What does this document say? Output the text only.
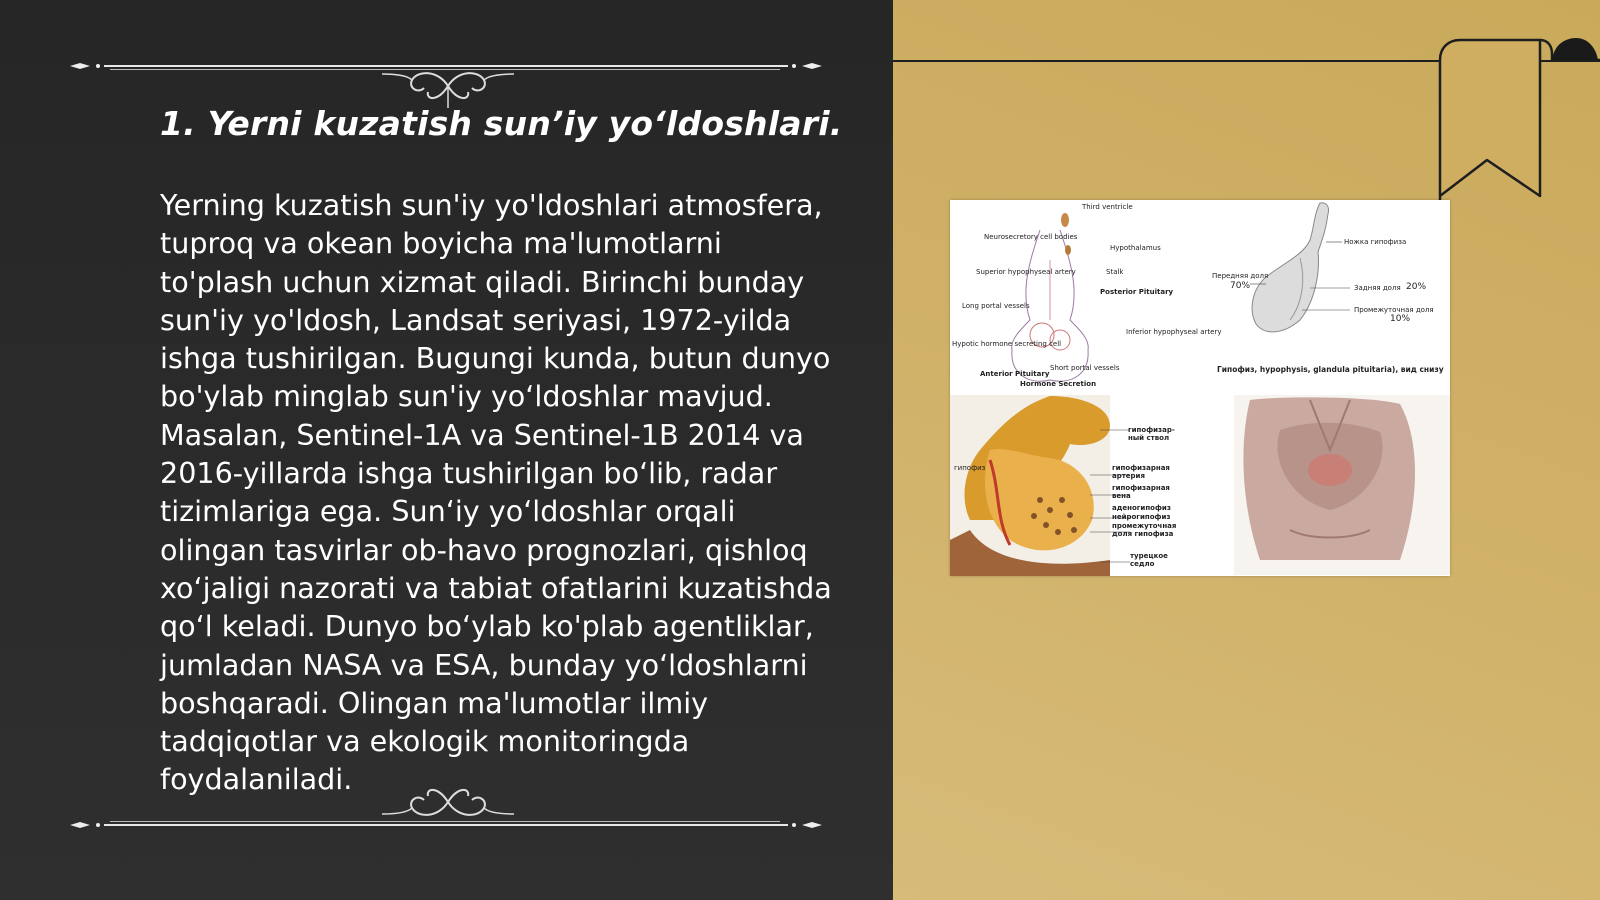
1. Yerni kuzatish sun’iy yo‘ldoshlari.

Yerning kuzatish sun'iy yo'ldoshlari atmosfera, tuproq va okean boyicha ma'lumotlarni to'plash uchun xizmat qiladi. Birinchi bunday sun'iy yo'ldosh, Landsat seriyasi, 1972-yilda ishga tushirilgan. Bugungi kunda, butun dunyo bo'ylab minglab sun'iy yo‘ldoshlar mavjud. Masalan, Sentinel-1A va Sentinel-1B 2014 va 2016-yillarda ishga tushirilgan bo‘lib, radar tizimlariga ega. Sun‘iy yo‘ldoshlar orqali olingan tasvirlar ob-havo prognozlari, qishloq xo‘jaligi nazorati va tabiat ofatlarini kuzatishda qo‘l keladi. Dunyo bo‘ylab ko'plab agentliklar, jumladan NASA va ESA, bunday yo‘ldoshlarni boshqaradi. Olingan ma'lumotlar ilmiy tadqiqotlar va ekologik monitoringda foydalaniladi.

Third ventricle
Neurosecretory cell bodies
Hypothalamus
Stalk
Superior hypophyseal artery
Posterior Pituitary
Long portal vessels
Inferior hypophyseal artery
Hypotic hormone secreting cell
Short portal vessels
Anterior Pituitary
Hormone Secretion
Ножка гипофиза
Передняя доля
70%	Задняя доля 20%
Промежуточная доля
10%
гипофизар-ный ствол
гипофиз	гипофизарная артерия
гипофизарная вена
аденогипофиз
нейрогипофиз
промежуточная доля гипофиза
турецкое седло
Гипофиз, hypophysis, glandula pituitaria), вид снизу
